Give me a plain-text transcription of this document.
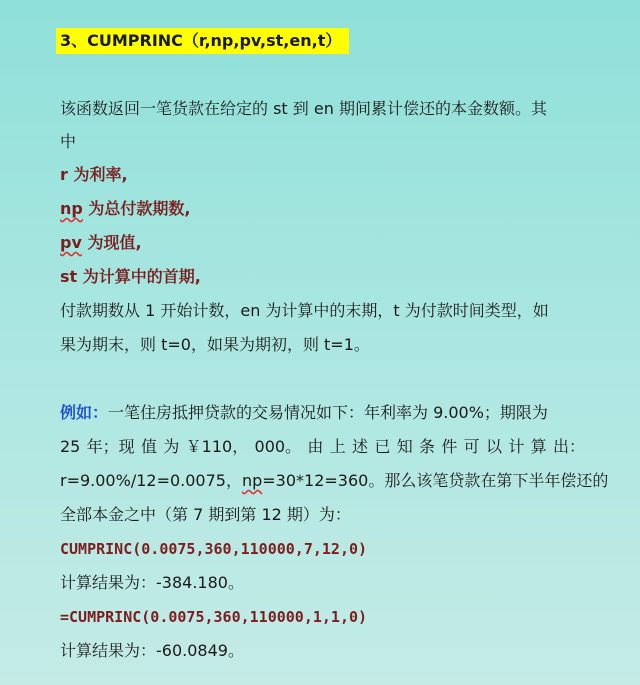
3、CUMPRINC（r,np,pv,st,en,t）
该函数返回一笔货款在给定的 st 到 en 期间累计偿还的本金数额。其
中
r 为利率,
np 为总付款期数,
pv 为现值,
st 为计算中的首期,
付款期数从 1 开始计数，en 为计算中的末期，t 为付款时间类型，如
果为期末，则 t=0，如果为期初，则 t=1。
例如：一笔住房抵押贷款的交易情况如下：年利率为 9.00%；期限为
25 年；现 值 为 ￥110， 000。 由 上 述 已 知 条 件 可 以 计 算 出：
r=9.00%/12=0.0075，np=30*12=360。那么该笔贷款在第下半年偿还的
全部本金之中（第 7 期到第 12 期）为：
CUMPRINC(0.0075,360,110000,7,12,0)
计算结果为：-384.180。
=CUMPRINC(0.0075,360,110000,1,1,0)
计算结果为：-60.0849。
